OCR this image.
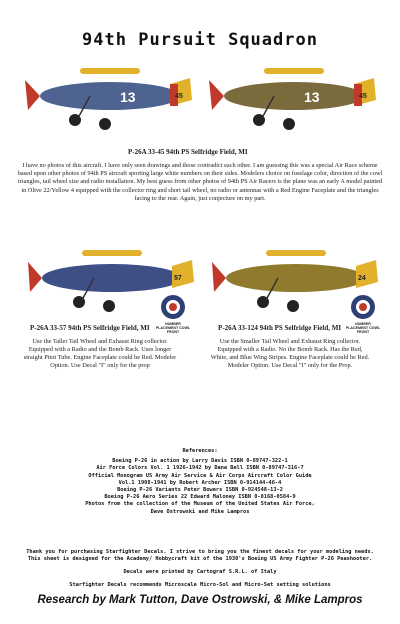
94th Pursuit Squadron
13	45	13	45
P-26A 33-45 94th PS Selfridge Field, MI
I have no photos of this aircraft. I have only seen drawings and those contradict each other. I am guessing this was a special Air Race scheme based upon other photos of 94th PS aircraft sporting large white numbers on their sides. Modelers choice on fuselage color, direction of the cowl triangles, tail wheel size and radio installation. My best guess from other photos of 94th PS Air Racers is the plane was an early A model painted in Olive 22/Yellow 4 equipped with the collector ring and short tail wheel, no radio or antennas with a Red Engine Faceplate and the triangles facing to the rear. Again, just conjecture on my part.
57
NUMBER PLACEMENT COWL FRONT
24
NUMBER PLACEMENT COWL FRONT
P-26A 33-57 94th PS Selfridge Field, MI	P-26A 33-124 94th PS Selfridge Field, MI
Use the Taller Tail Wheel and Exhaust Ring collector. Equipped with a Radio and the Bomb Rack. Uses longer straight Pitot Tube. Engine Faceplate could be Red. Modeler Option. Use Decal "I" only for the prop
Use the Smaller Tail Wheel and Exhaust Ring collector. Equipped with a Radio. No the Bomb Rack. Has the Red, White, and Blue Wing Stripes. Engine Faceplate could be Red. Modeler Option. Use Decal "I" only for the Prop.
References:
Boeing P-26 in action by Larry Davis ISBN 0-89747-322-1
Air Force Colors Vol. 1 1926-1942 by Dana Bell ISBN 0-89747-316-7
Official Monogram US Army Air Service & Air Corps Aircraft Color Guide
Vol.1 1908-1941 by Robert Archer ISBN 0-914144-46-4
Boeing P-26 Variants Peter Bowers ISBN 0-924548-13-2
Boeing P-26 Aero Series 22 Edward Maloney ISBN 0-8168-0584-9
Photos from the collection of the Museum of the United States Air Force,
Dave Ostrowski and Mike Lampros

Thank you for purchasing Starfighter Decals. I strive to bring you the finest decals for your modeling needs. This sheet is designed for the Academy/ Hobbycraft kit of the 1930's Boeing US Army Fighter P-26 Peashooter.

Decals were printed by Cartograf S.R.L. of Italy

Starfighter Decals recommends Microscale Micro-Sol and Micro-Set setting solutions

Research by Mark Tutton, Dave Ostrowski, & Mike Lampros
